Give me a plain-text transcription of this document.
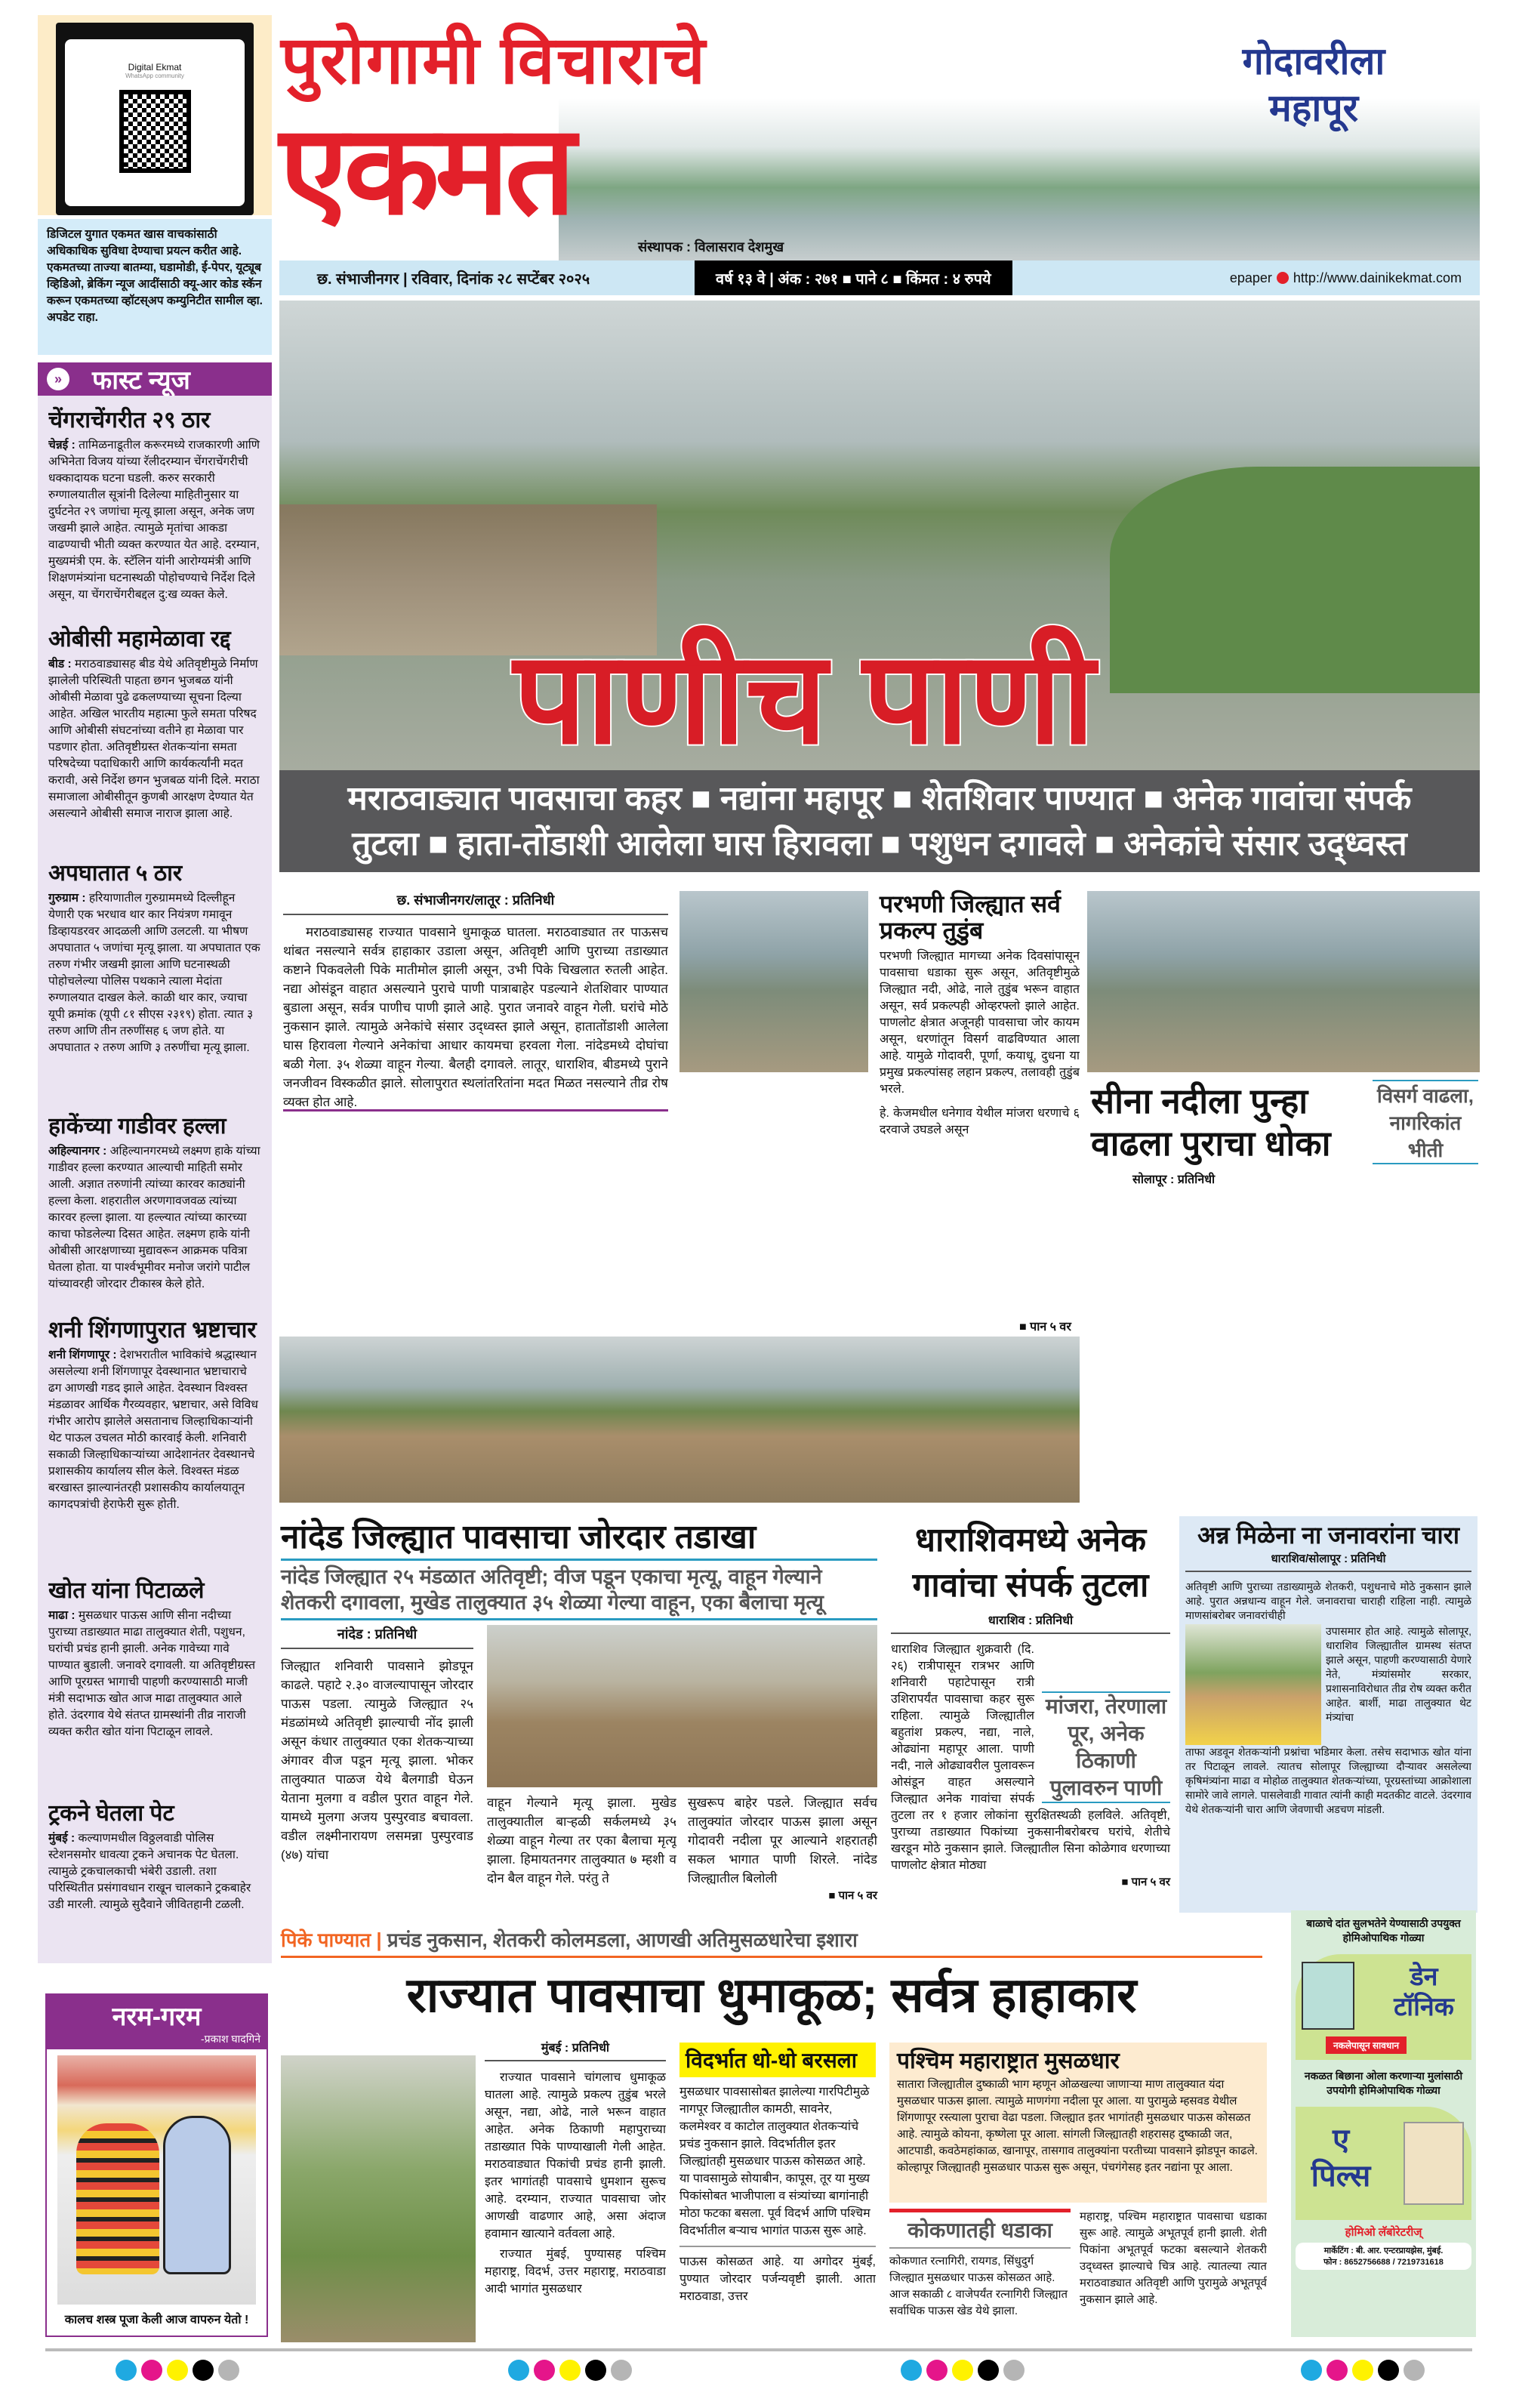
Digital Ekmat
WhatsApp community
डिजिटल युगात एकमत खास वाचकांसाठी अधिकाधिक सुविधा देण्याचा प्रयत्न करीत आहे. एकमतच्या ताज्या बातम्या, घडामोडी, ई-पेपर, यूट्यूब व्हिडिओ, ब्रेकिंग न्यूज आदींसाठी क्यू-आर कोड स्कॅन करून एकमतच्या व्हॉटस्अप कम्युनिटीत सामील व्हा. अपडेट राहा.
» फास्ट न्यूज
चेंगराचेंगरीत २९ ठार

चेन्नई : तामिळनाडूतील करूरमध्ये राजकारणी आणि अभिनेता विजय यांच्या रॅलीदरम्यान चेंगराचेंगरीची धक्कादायक घटना घडली. करुर सरकारी रुग्णालयातील सूत्रांनी दिलेल्या माहितीनुसार या दुर्घटनेत २९ जणांचा मृत्यू झाला असून, अनेक जण जखमी झाले आहेत. त्यामुळे मृतांचा आकडा वाढण्याची भीती व्यक्त करण्यात येत आहे. दरम्यान, मुख्यमंत्री एम. के. स्टॅलिन यांनी आरोग्यमंत्री आणि शिक्षणमंत्र्यांना घटनास्थळी पोहोचण्याचे निर्देश दिले असून, या चेंगराचेंगरीबद्दल दु:ख व्यक्त केले.

ओबीसी महामेळावा रद्द

बीड : मराठवाड्यासह बीड येथे अतिवृष्टीमुळे निर्माण झालेली परिस्थिती पाहता छगन भुजबळ यांनी ओबीसी मेळावा पुढे ढकलण्याच्या सूचना दिल्या आहेत. अखिल भारतीय महात्मा फुले समता परिषद आणि ओबीसी संघटनांच्या वतीने हा मेळावा पार पडणार होता. अतिवृष्टीग्रस्त शेतकऱ्यांना समता परिषदेच्या पदाधिकारी आणि कार्यकर्त्यांनी मदत करावी, असे निर्देश छगन भुजबळ यांनी दिले. मराठा समाजाला ओबीसीतून कुणबी आरक्षण देण्यात येत असल्याने ओबीसी समाज नाराज झाला आहे.

अपघातात ५ ठार

गुरुग्राम : हरियाणातील गुरुग्राममध्ये दिल्लीहून येणारी एक भरधाव थार कार नियंत्रण गमावून डिव्हायडरवर आदळली आणि उलटली. या भीषण अपघातात ५ जणांचा मृत्यू झाला. या अपघातात एक तरुण गंभीर जखमी झाला आणि घटनास्थळी पोहोचलेल्या पोलिस पथकाने त्याला मेदांता रुग्णालयात दाखल केले. काळी थार कार, ज्याचा यूपी क्रमांक (यूपी ८१ सीएस २३१९) होता. त्यात ३ तरुण आणि तीन तरुणींसह ६ जण होते. या अपघातात २ तरुण आणि ३ तरुणींचा मृत्यू झाला.

हाकेंच्या गाडीवर हल्ला

अहिल्यानगर : अहिल्यानगरमध्ये लक्ष्मण हाके यांच्या गाडीवर हल्ला करण्यात आल्याची माहिती समोर आली. अज्ञात तरुणांनी त्यांच्या कारवर काठ्यांनी हल्ला केला. शहरातील अरणगावजवळ त्यांच्या कारवर हल्ला झाला. या हल्ल्यात त्यांच्या कारच्या काचा फोडलेल्या दिसत आहेत. लक्ष्मण हाके यांनी ओबीसी आरक्षणाच्या मुद्यावरून आक्रमक पवित्रा घेतला होता. या पार्श्वभूमीवर मनोज जरांगे पाटील यांच्यावरही जोरदार टीकास्त्र केले होते.

शनी शिंगणापुरात भ्रष्टाचार

शनी शिंगणापूर : देशभरातील भाविकांचे श्रद्धास्थान असलेल्या शनी शिंगणापूर देवस्थानात भ्रष्टाचाराचे ढग आणखी गडद झाले आहेत. देवस्थान विश्वस्त मंडळावर आर्थिक गैरव्यवहार, भ्रष्टाचार, असे विविध गंभीर आरोप झालेले असतानाच जिल्हाधिकाऱ्यांनी थेट पाऊल उचलत मोठी कारवाई केली. शनिवारी सकाळी जिल्हाधिकाऱ्यांच्या आदेशानंतर देवस्थानचे प्रशासकीय कार्यालय सील केले. विश्वस्त मंडळ बरखास्त झाल्यानंतरही प्रशासकीय कार्यालयातून कागदपत्रांची हेराफेरी सुरू होती.

खोत यांना पिटाळले

माढा : मुसळधार पाऊस आणि सीना नदीच्या पुराच्या तडाख्यात माढा तालुक्यात शेती, पशुधन, घरांची प्रचंड हानी झाली. अनेक गावेच्या गावे पाण्यात बुडाली. जनावरे दगावली. या अतिवृष्टीग्रस्त आणि पूरग्रस्त भागाची पाहणी करण्यासाठी माजी मंत्री सदाभाऊ खोत आज माढा तालुक्यात आले होते. उंदरगाव येथे संतप्त ग्रामस्थांनी तीव्र नाराजी व्यक्त करीत खोत यांना पिटाळून लावले.

ट्रकने घेतला पेट

मुंबई : कल्याणमधील विठ्ठलवाडी पोलिस स्टेशनसमोर धावत्या ट्रकने अचानक पेट घेतला. त्यामुळे ट्रकचालकाची भंबेरी उडाली. तशा परिस्थितीत प्रसंगावधान राखून चालकाने ट्रकबाहेर उडी मारली. त्यामुळे सुदैवाने जीवितहानी टळली.

नरम-गरम
-प्रकाश घादगिने
कालच शस्त्र पूजा केली आज वापरुन येतो !
पुरोगामी विचाराचे
एकमत
संस्थापक : विलासराव देशमुख
गोदावरीला
महापूर
छ. संभाजीनगर | रविवार, दिनांक २८ सप्टेंबर २०२५	वर्ष १३ वे | अंक : २७१ ■ पाने ८ ■ किंमत : ४ रुपये	epaper http://www.dainikekmat.com
पाणीच पाणी
मराठवाड्यात पावसाचा कहर ■ नद्यांना महापूर ■ शेतशिवार पाण्यात ■ अनेक गावांचा संपर्क
तुटला ■ हाता-तोंडाशी आलेला घास हिरावला ■ पशुधन दगावले ■ अनेकांचे संसार उद्ध्वस्त
छ. संभाजीनगर/लातूर : प्रतिनिधी
मराठवाड्यासह राज्यात पावसाने धुमाकूळ घातला. मराठवाड्यात तर पाऊसच थांबत नसल्याने सर्वत्र हाहाकार उडाला असून, अतिवृष्टी आणि पुराच्या तडाख्यात कष्टाने पिकवलेली पिके मातीमोल झाली असून, उभी पिके चिखलात रुतली आहेत. नद्या ओसंडून वाहात असल्याने पुराचे पाणी पात्राबाहेर पडल्याने शेतशिवार पाण्यात बुडाला असून, सर्वत्र पाणीच पाणी झाले आहे. पुरात जनावरे वाहून गेली. घरांचे मोठे नुकसान झाले. त्यामुळे अनेकांचे संसार उद्ध्वस्त झाले असून, हातातोंडाशी आलेला घास हिरावला गेल्याने अनेकांचा आधार कायमचा हरवला गेला. नांदेडमध्ये दोघांचा बळी गेला. ३५ शेळ्या वाहून गेल्या. बैलही दगावले. लातूर, धाराशिव, बीडमध्ये पुराने जनजीवन विस्कळीत झाले. सोलापुरात स्थलांतरितांना मदत मिळत नसल्याने तीव्र रोष व्यक्त होत आहे.
■ पान ५ वर
परभणी जिल्ह्यात सर्व प्रकल्प तुडुंब
परभणी जिल्ह्यात मागच्या अनेक दिवसांपासून पावसाचा धडाका सुरू असून, अतिवृष्टीमुळे जिल्ह्यात नदी, ओढे, नाले तुडुंब भरून वाहात असून, सर्व प्रकल्पही ओव्हरफ्लो झाले आहेत. पाणलोट क्षेत्रात अजूनही पावसाचा जोर कायम असून, धरणांतून विसर्ग वाढविण्यात आला आहे. यामुळे गोदावरी, पूर्णा, कयाधू, दुधना या प्रमुख प्रकल्पांसह लहान प्रकल्प, तलावही तुडुंब भरले.
हे. केजमधील धनेगाव येथील मांजरा धरणाचे ६ दरवाजे उघडले असून
सीना नदीला पुन्हा वाढला पुराचा धोका
विसर्ग वाढला, नागरिकांत भीती
सोलापूर : प्रतिनिधी
नांदेड जिल्ह्यात पावसाचा जोरदार तडाखा
नांदेड जिल्ह्यात २५ मंडळात अतिवृष्टी; वीज पडून एकाचा मृत्यू, वाहून गेल्याने शेतकरी दगावला, मुखेड तालुक्यात ३५ शेळ्या गेल्या वाहून, एका बैलाचा मृत्यू
नांदेड : प्रतिनिधी
जिल्ह्यात शनिवारी पावसाने झोडपून काढले. पहाटे २.३० वाजल्यापासून जोरदार पाऊस पडला. त्यामुळे जिल्ह्यात २५ मंडळांमध्ये अतिवृष्टी झाल्याची नोंद झाली असून कंधार तालुक्यात एका शेतकऱ्याच्या अंगावर वीज पडून मृत्यू झाला. भोकर तालुक्यात पाळज येथे बैलगाडी घेऊन येताना मुलगा व वडील पुरात वाहून गेले. यामध्ये मुलगा अजय पुस्पुरवाड बचावला. वडील लक्ष्मीनारायण लसमन्ना पुस्पुरवाड (४७) यांचा
वाहून गेल्याने मृत्यू झाला. मुखेड तालुक्यातील बाऱ्हळी सर्कलमध्ये ३५ शेळ्या वाहून गेल्या तर एका बैलाचा मृत्यू झाला. हिमायतनगर तालुक्यात ७ म्हशी व दोन बैल वाहून गेले. परंतु ते
सुखरूप बाहेर पडले. जिल्ह्यात सर्वच तालुक्यांत जोरदार पाऊस झाला असून गोदावरी नदीला पूर आल्याने शहरातही सकल भागात पाणी शिरले. नांदेड जिल्ह्यातील बिलोली
■ पान ५ वर
धाराशिवमध्ये अनेक गावांचा संपर्क तुटला
धाराशिव : प्रतिनिधी
मांजरा, तेरणाला पूर, अनेक ठिकाणी पुलावरुन पाणी
धाराशिव जिल्ह्यात शुक्रवारी (दि. २६) रात्रीपासून रात्रभर आणि शनिवारी पहाटेपासून रात्री उशिरापर्यंत पावसाचा कहर सुरू राहिला. त्यामुळे जिल्ह्यातील बहुतांश प्रकल्प, नद्या, नाले, ओढ्यांना महापूर आला. पाणी नदी, नाले ओढ्यावरील पुलावरून ओसंडून वाहत असल्याने जिल्ह्यात अनेक गावांचा संपर्क तुटला तर १ हजार लोकांना सुरक्षितस्थळी हलविले. अतिवृष्टी, पुराच्या तडाख्यात पिकांच्या नुकसानीबरोबरच घरांचे, शेतीचे खरडून मोठे नुकसान झाले. जिल्ह्यातील सिना कोळेगाव धरणाच्या पाणलोट क्षेत्रात मोठ्या
■ पान ५ वर
अन्न मिळेना ना जनावरांना चारा
धाराशिव/सोलापूर : प्रतिनिधी
अतिवृष्टी आणि पुराच्या तडाख्यामुळे शेतकरी, पशुधनाचे मोठे नुकसान झाले आहे. पुरात अन्नधान्य वाहून गेले. जनावराचा चाराही राहिला नाही. त्यामुळे माणसांबरोबर जनावरांचीही
उपासमार होत आहे. त्यामुळे सोलापूर, धाराशिव जिल्ह्यातील ग्रामस्थ संतप्त झाले असून, पाहणी करण्यासाठी येणारे नेते, मंत्र्यांसमोर सरकार, प्रशासनाविरोधात तीव्र रोष व्यक्त करीत आहेत. बार्शी, माढा तालुक्यात थेट मंत्र्यांचा
ताफा अडवून शेतकऱ्यांनी प्रश्नांचा भडिमार केला. तसेच सदाभाऊ खोत यांना तर पिटाळून लावले. त्यातच सोलापूर जिल्ह्याच्या दौऱ्यावर असलेल्या कृषिमंत्र्यांना माढा व मोहोळ तालुक्यात शेतकऱ्यांच्या, पूरग्रस्तांच्या आक्रोशाला सामोरे जावे लागले. पासलेवाडी गावात त्यांनी काही मदतकीट वाटले. उंदरगाव येथे शेतकऱ्यांनी चारा आणि जेवणाची अडचण मांडली.
पिके पाण्यात | प्रचंड नुकसान, शेतकरी कोलमडला, आणखी अतिमुसळधारेचा इशारा
राज्यात पावसाचा धुमाकूळ; सर्वत्र हाहाकार
मुंबई : प्रतिनिधी
राज्यात पावसाने चांगलाच धुमाकूळ घातला आहे. त्यामुळे प्रकल्प तुडुंब भरले असून, नद्या, ओढे, नाले भरून वाहात आहेत. अनेक ठिकाणी महापुराच्या तडाख्यात पिके पाण्याखाली गेली आहेत. मराठवाड्यात पिकांची प्रचंड हानी झाली. इतर भागांतही पावसाचे धुमशान सुरूच आहे. दरम्यान, राज्यात पावसाचा जोर आणखी वाढणार आहे, असा अंदाज हवामान खात्याने वर्तवला आहे.
राज्यात मुंबई, पुण्यासह पश्चिम महाराष्ट्र, विदर्भ, उत्तर महाराष्ट्र, मराठवाडा आदी भागांत मुसळधार
विदर्भात धो-धो बरसला
मुसळधार पावसासोबत झालेल्या गारपिटीमुळे नागपूर जिल्ह्यातील कामठी, सावनेर, कलमेश्वर व काटोल तालुक्यात शेतकऱ्यांचे प्रचंड नुकसान झाले. विदर्भातील इतर जिल्ह्यांतही मुसळधार पाऊस कोसळत आहे. या पावसामुळे सोयाबीन, कापूस, तूर या मुख्य पिकांसोबत भाजीपाला व संत्र्यांच्या बागांनाही मोठा फटका बसला. पूर्व विदर्भ आणि पश्चिम विदर्भातील बऱ्याच भागांत पाऊस सुरू आहे.
पाऊस कोसळत आहे. या अगोदर मुंबई, पुण्यात जोरदार पर्जन्यवृष्टी झाली. आता मराठवाडा, उत्तर
पश्चिम महाराष्ट्रात मुसळधार
सातारा जिल्ह्यातील दुष्काळी भाग म्हणून ओळखल्या जाणाऱ्या माण तालुक्यात यंदा मुसळधार पाऊस झाला. त्यामुळे माणगंगा नदीला पूर आला. या पुरामुळे म्हसवड येथील शिंगणापूर रस्त्याला पुराचा वेढा पडला. जिल्ह्यात इतर भागांतही मुसळधार पाऊस कोसळत आहे. त्यामुळे कोयना, कृष्णेला पूर आला. सांगली जिल्ह्यातही शहरासह दुष्काळी जत, आटपाडी, कवठेमहांकाळ, खानापूर, तासगाव तालुक्यांना परतीच्या पावसाने झोडपून काढले. कोल्हापूर जिल्ह्यातही मुसळधार पाऊस सुरू असून, पंचगंगेसह इतर नद्यांना पूर आला.
कोकणातही धडाका
कोकणात रत्नागिरी, रायगड, सिंधुदुर्ग जिल्ह्यात मुसळधार पाऊस कोसळत आहे. आज सकाळी ८ वाजेपर्यंत रत्नागिरी जिल्ह्यात सर्वाधिक पाऊस खेड येथे झाला.
महाराष्ट्र, पश्चिम महाराष्ट्रात पावसाचा धडाका सुरू आहे. त्यामुळे अभूतपूर्व हानी झाली. शेती पिकांना अभूतपूर्व फटका बसल्याने शेतकरी उद्ध्वस्त झाल्याचे चित्र आहे. त्यातल्या त्यात मराठवाड्यात अतिवृष्टी आणि पुरामुळे अभूतपूर्व नुकसान झाले आहे.
बाळाचे दांत सुलभतेने येण्यासाठी उपयुक्त होमिओपाथिक गोळ्या
डेन टॉनिक
नकलेपासून सावधान
नकळत बिछाना ओला करणाऱ्या मुलांसाठी उपयोगी होमिओपाथिक गोळ्या
ए पिल्स
होमिओ लॅबोरेटरीज्
मार्केटिंग : बी. आर. एन्टरप्रायझेस, मुंबई.
फोन : 8652756688 / 7219731618
